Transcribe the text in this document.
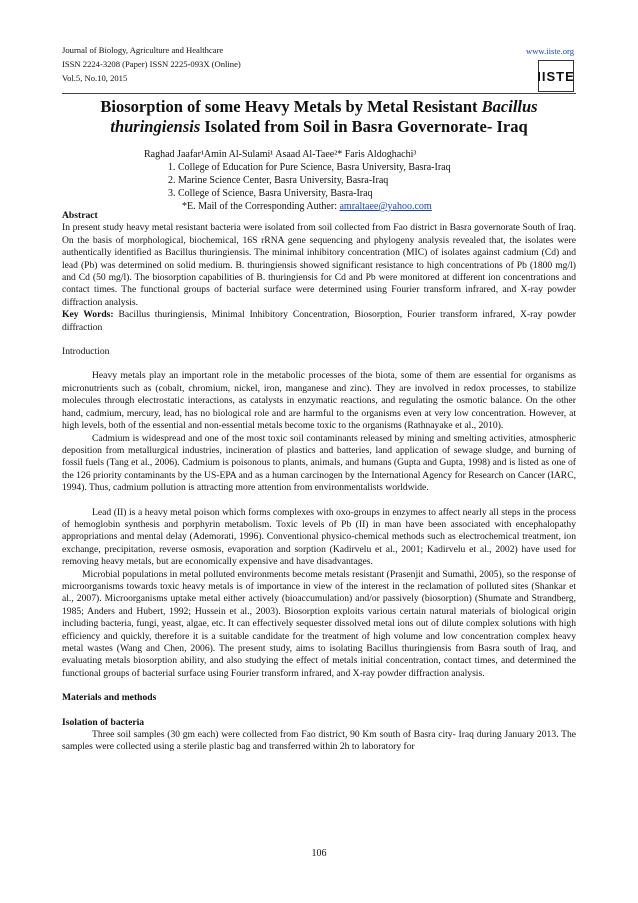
Journal of Biology, Agriculture and Healthcare
ISSN 2224-3208 (Paper) ISSN 2225-093X (Online)
Vol.5, No.10, 2015
www.iiste.org
IISTE
Biosorption of some Heavy Metals by Metal Resistant Bacillus thuringiensis Isolated from Soil in Basra Governorate- Iraq
Raghad Jaafar¹Amin Al-Sulami¹ Asaad Al-Taee²* Faris Aldoghachi³
1. College of Education for Pure Science, Basra University, Basra-Iraq
2. Marine Science Center, Basra University, Basra-Iraq
3. College of Science, Basra University, Basra-Iraq
*E. Mail of the Corresponding Auther: amraltaee@yahoo.com

Abstract

In present study heavy metal resistant bacteria were isolated from soil collected from Fao district in Basra governorate South of Iraq. On the basis of morphological, biochemical, 16S rRNA gene sequencing and phylogeny analysis revealed that, the isolates were authentically identified as Bacillus thuringiensis. The minimal inhibitory concentration (MIC) of isolates against cadmium (Cd) and lead (Pb) was determined on solid medium. B. thuringiensis showed significant resistance to high concentrations of Pb (1800 mg/l) and Cd (50 mg/l). The biosorption capabilities of B. thuringiensis for Cd and Pb were monitored at different ion concentrations and contact times. The functional groups of bacterial surface were determined using Fourier transform infrared, and X-ray powder diffraction analysis.

Key Words: Bacillus thuringiensis, Minimal Inhibitory Concentration, Biosorption, Fourier transform infrared, X-ray powder diffraction

Introduction

Heavy metals play an important role in the metabolic processes of the biota, some of them are essential for organisms as micronutrients such as (cobalt, chromium, nickel, iron, manganese and zinc). They are involved in redox processes, to stabilize molecules through electrostatic interactions, as catalysts in enzymatic reactions, and regulating the osmotic balance. On the other hand, cadmium, mercury, lead, has no biological role and are harmful to the organisms even at very low concentration. However, at high levels, both of the essential and non-essential metals become toxic to the organisms (Rathnayake et al., 2010).

Cadmium is widespread and one of the most toxic soil contaminants released by mining and smelting activities, atmospheric deposition from metallurgical industries, incineration of plastics and batteries, land application of sewage sludge, and burning of fossil fuels (Tang et al., 2006). Cadmium is poisonous to plants, animals, and humans (Gupta and Gupta, 1998) and is listed as one of the 126 priority contaminants by the US-EPA and as a human carcinogen by the International Agency for Research on Cancer (IARC, 1994). Thus, cadmium pollution is attracting more attention from environmentalists worldwide.

Lead (II) is a heavy metal poison which forms complexes with oxo-groups in enzymes to affect nearly all steps in the process of hemoglobin synthesis and porphyrin metabolism. Toxic levels of Pb (II) in man have been associated with encephalopathy appropriations and mental delay (Ademorati, 1996). Conventional physico-chemical methods such as electrochemical treatment, ion exchange, precipitation, reverse osmosis, evaporation and sorption (Kadirvelu et al., 2001; Kadirvelu et al., 2002) have used for removing heavy metals, but are economically expensive and have disadvantages.

Microbial populations in metal polluted environments become metals resistant (Prasenjit and Sumathi, 2005), so the response of microorganisms towards toxic heavy metals is of importance in view of the interest in the reclamation of polluted sites (Shankar et al., 2007). Microorganisms uptake metal either actively (bioaccumulation) and/or passively (biosorption) (Shumate and Strandberg, 1985; Anders and Hubert, 1992; Hussein et al., 2003). Biosorption exploits various certain natural materials of biological origin including bacteria, fungi, yeast, algae, etc. It can effectively sequester dissolved metal ions out of dilute complex solutions with high efficiency and quickly, therefore it is a suitable candidate for the treatment of high volume and low concentration complex heavy metal wastes (Wang and Chen, 2006). The present study, aims to isolating Bacillus thuringiensis from Basra south of Iraq, and evaluating metals biosorption ability, and also studying the effect of metals initial concentration, contact times, and determined the functional groups of bacterial surface using Fourier transform infrared, and X-ray powder diffraction analysis.

Materials and methods

Isolation of bacteria

Three soil samples (30 gm each) were collected from Fao district, 90 Km south of Basra city- Iraq during January 2013. The samples were collected using a sterile plastic bag and transferred within 2h to laboratory for

106
